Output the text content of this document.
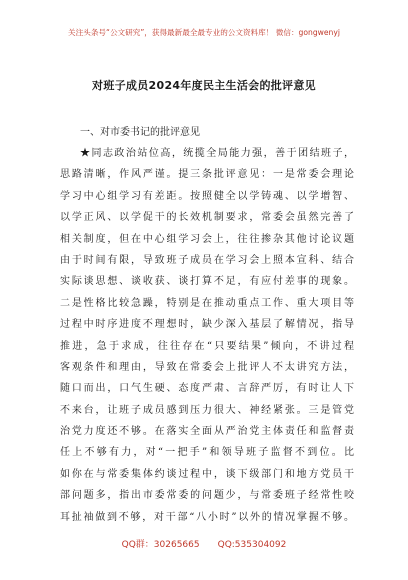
关注头条号“公文研究”，获得最新最全最专业的公文资料库！ 微信：gongwenyj
对班子成员2024年度民主生活会的批评意见
一、对市委书记的批评意见
★同志政治站位高，统揽全局能力强，善于团结班子，
思路清晰，作风严谨。提三条批评意见：一是常委会理论
学习中心组学习有差距。按照健全以学铸魂、以学增智、
以学正风、以学促干的长效机制要求，常委会虽然完善了
相关制度，但在中心组学习会上，往往掺杂其他讨论议题
由于时间有限，导致班子成员在学习会上照本宣科、结合
实际谈思想、谈收获、谈打算不足，有应付差事的现象。
二是性格比较急躁，特别是在推动重点工作、重大项目等
过程中时序进度不理想时，缺少深入基层了解情况，指导
推进，急于求成，往往存在“只要结果”倾向，不讲过程
客观条件和理由，导致在常委会上批评人不太讲究方法，
随口而出，口气生硬、态度严肃、言辞严厉，有时让人下
不来台，让班子成员感到压力很大、神经紧张。三是管党
治党力度还不够。在落实全面从严治党主体责任和监督责
任上不够有力，对“一把手”和领导班子监督不到位。比
如你在与常委集体约谈过程中，谈下级部门和地方党员干
部问题多，指出市委常委的问题少，与常委班子经常性咬
耳扯袖做到不够，对干部“八小时”以外的情况掌握不够。
QQ群：30265665 QQ:535304092
